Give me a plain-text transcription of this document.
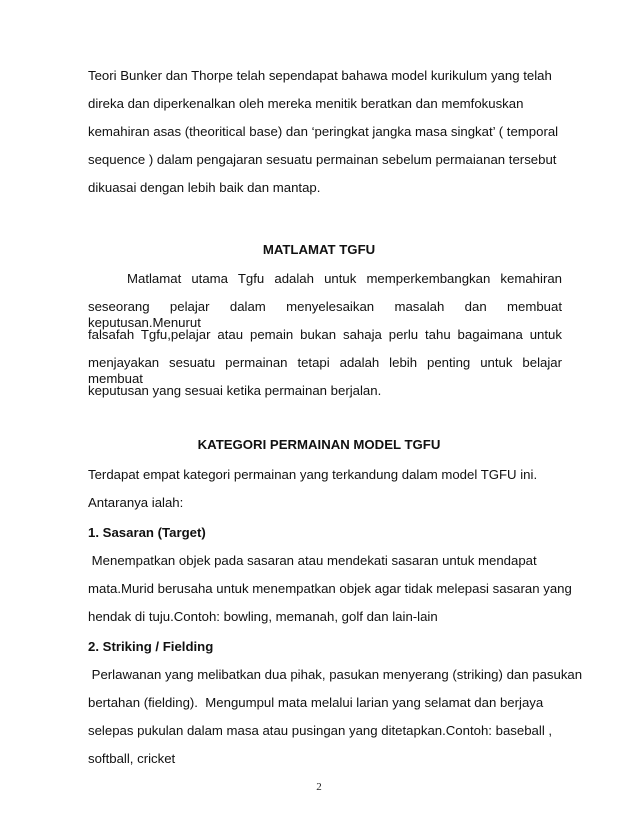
Teori Bunker dan Thorpe telah sependapat bahawa model kurikulum yang telah
direka dan diperkenalkan oleh mereka menitik beratkan dan memfokuskan
kemahiran asas (theoritical base) dan ‘peringkat jangka masa singkat’ ( temporal
sequence ) dalam pengajaran sesuatu permainan sebelum permaianan tersebut
dikuasai dengan lebih baik dan mantap.
MATLAMAT TGFU
Matlamat utama Tgfu adalah untuk memperkembangkan kemahiran
seseorang pelajar dalam menyelesaikan masalah dan membuat keputusan.Menurut
falsafah Tgfu,pelajar atau pemain bukan sahaja perlu tahu bagaimana untuk
menjayakan sesuatu permainan tetapi adalah lebih penting untuk belajar membuat
keputusan yang sesuai ketika permainan berjalan.
KATEGORI PERMAINAN MODEL TGFU
Terdapat empat kategori permainan yang terkandung dalam model TGFU ini.
Antaranya ialah:
1. Sasaran (Target)
Menempatkan objek pada sasaran atau mendekati sasaran untuk mendapat
mata.Murid berusaha untuk menempatkan objek agar tidak melepasi sasaran yang
hendak di tuju.Contoh: bowling, memanah, golf dan lain-lain
2. Striking / Fielding
Perlawanan yang melibatkan dua pihak, pasukan menyerang (striking) dan pasukan
bertahan (fielding).  Mengumpul mata melalui larian yang selamat dan berjaya
selepas pukulan dalam masa atau pusingan yang ditetapkan.Contoh: baseball ,
softball, cricket
2
